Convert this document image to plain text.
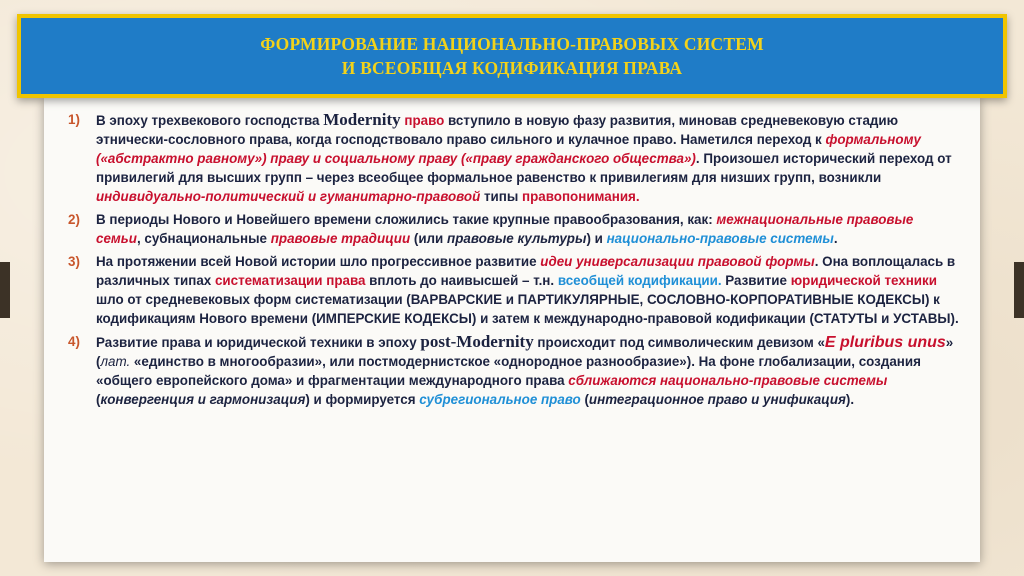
ФОРМИРОВАНИЕ НАЦИОНАЛЬНО-ПРАВОВЫХ СИСТЕМ
И ВСЕОБЩАЯ КОДИФИКАЦИЯ ПРАВА
1) В эпоху трехвекового господства Modernity право вступило в новую фазу развития, миновав средневековую стадию этнически-сословного права, когда господствовало право сильного и кулачное право. Наметился переход к формальному («абстрактно равному») праву и социальному праву («праву гражданского общества»). Произошел исторический переход от привилегий для высших групп – через всеобщее формальное равенство к привилегиям для низших групп, возникли индивидуально-политический и гуманитарно-правовой типы правопонимания.
2) В периоды Нового и Новейшего времени сложились такие крупные правообразования, как: межнациональные правовые семьи, субнациональные правовые традиции (или правовые культуры) и национально-правовые системы.
3) На протяжении всей Новой истории шло прогрессивное развитие идеи универсализации правовой формы. Она воплощалась в различных типах систематизации права вплоть до наивысшей – т.н. всеобщей кодификации. Развитие юридической техники шло от средневековых форм систематизации (ВАРВАРСКИЕ и ПАРТИКУЛЯРНЫЕ, СОСЛОВНО-КОРПОРАТИВНЫЕ КОДЕКСЫ) к кодификациям Нового времени (ИМПЕРСКИЕ КОДЕКСЫ) и затем к международно-правовой кодификации (СТАТУТЫ и УСТАВЫ).
4) Развитие права и юридической техники в эпоху post-Modernity происходит под символическим девизом «E pluribus unus» (лат. «единство в многообразии», или постмодернистское «однородное разнообразие»). На фоне глобализации, создания «общего европейского дома» и фрагментации международного права сближаются национально-правовые системы (конвергенция и гармонизация) и формируется субрегиональное право (интеграционное право и унификация).
